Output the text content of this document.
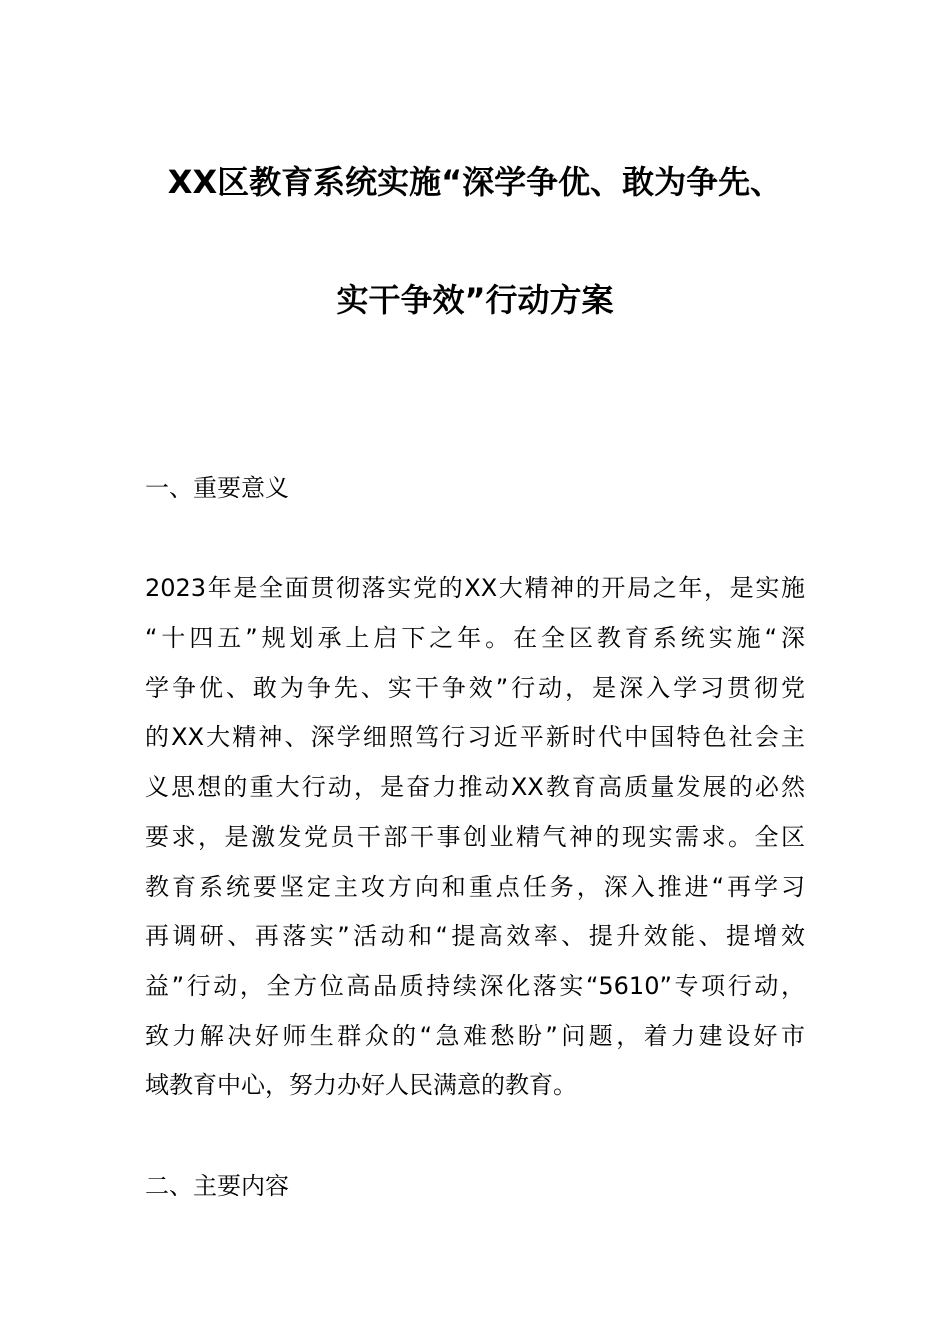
XX区教育系统实施“深学争优、敢为争先、
实干争效”行动方案
一、重要意义
2023年是全面贯彻落实党的XX大精神的开局之年，是实施
“十四五”规划承上启下之年。在全区教育系统实施“深
学争优、敢为争先、实干争效”行动，是深入学习贯彻党
的XX大精神、深学细照笃行习近平新时代中国特色社会主
义思想的重大行动，是奋力推动XX教育高质量发展的必然
要求，是激发党员干部干事创业精气神的现实需求。全区
教育系统要坚定主攻方向和重点任务，深入推进“再学习
再调研、再落实”活动和“提高效率、提升效能、提增效
益”行动，全方位高品质持续深化落实“5610”专项行动，
致力解决好师生群众的“急难愁盼”问题，着力建设好市
域教育中心，努力办好人民满意的教育。
二、主要内容
